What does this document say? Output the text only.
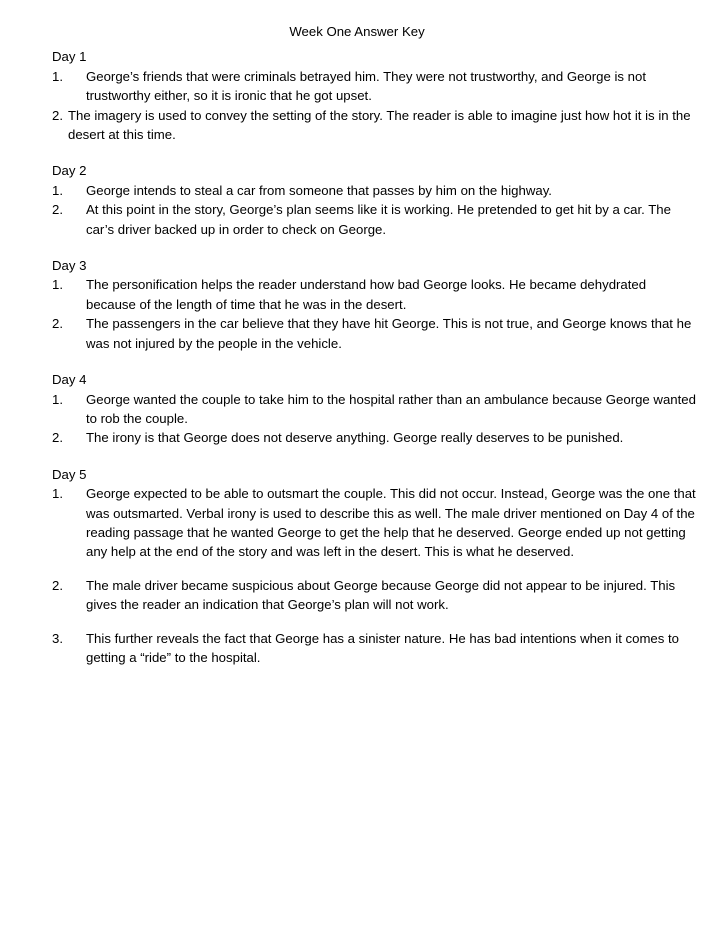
Week One Answer Key
Day 1
1.	George’s friends that were criminals betrayed him. They were not trustworthy, and George is not trustworthy either, so it is ironic that he got upset.
2. The imagery is used to convey the setting of the story. The reader is able to imagine just how hot it is in the desert at this time.
Day 2
1.	George intends to steal a car from someone that passes by him on the highway.
2.	At this point in the story, George’s plan seems like it is working. He pretended to get hit by a car. The car’s driver backed up in order to check on George.
Day 3
1.	The personification helps the reader understand how bad George looks. He became dehydrated because of the length of time that he was in the desert.
2.	The passengers in the car believe that they have hit George. This is not true, and George knows that he was not injured by the people in the vehicle.
Day 4
1.	George wanted the couple to take him to the hospital rather than an ambulance because George wanted to rob the couple.
2.	The irony is that George does not deserve anything. George really deserves to be punished.
Day 5
1.	George expected to be able to outsmart the couple. This did not occur. Instead, George was the one that was outsmarted. Verbal irony is used to describe this as well. The male driver mentioned on Day 4 of the reading passage that he wanted George to get the help that he deserved. George ended up not getting any help at the end of the story and was left in the desert. This is what he deserved.
2.	The male driver became suspicious about George because George did not appear to be injured. This gives the reader an indication that George’s plan will not work.
3.	This further reveals the fact that George has a sinister nature. He has bad intentions when it comes to getting a “ride” to the hospital.
